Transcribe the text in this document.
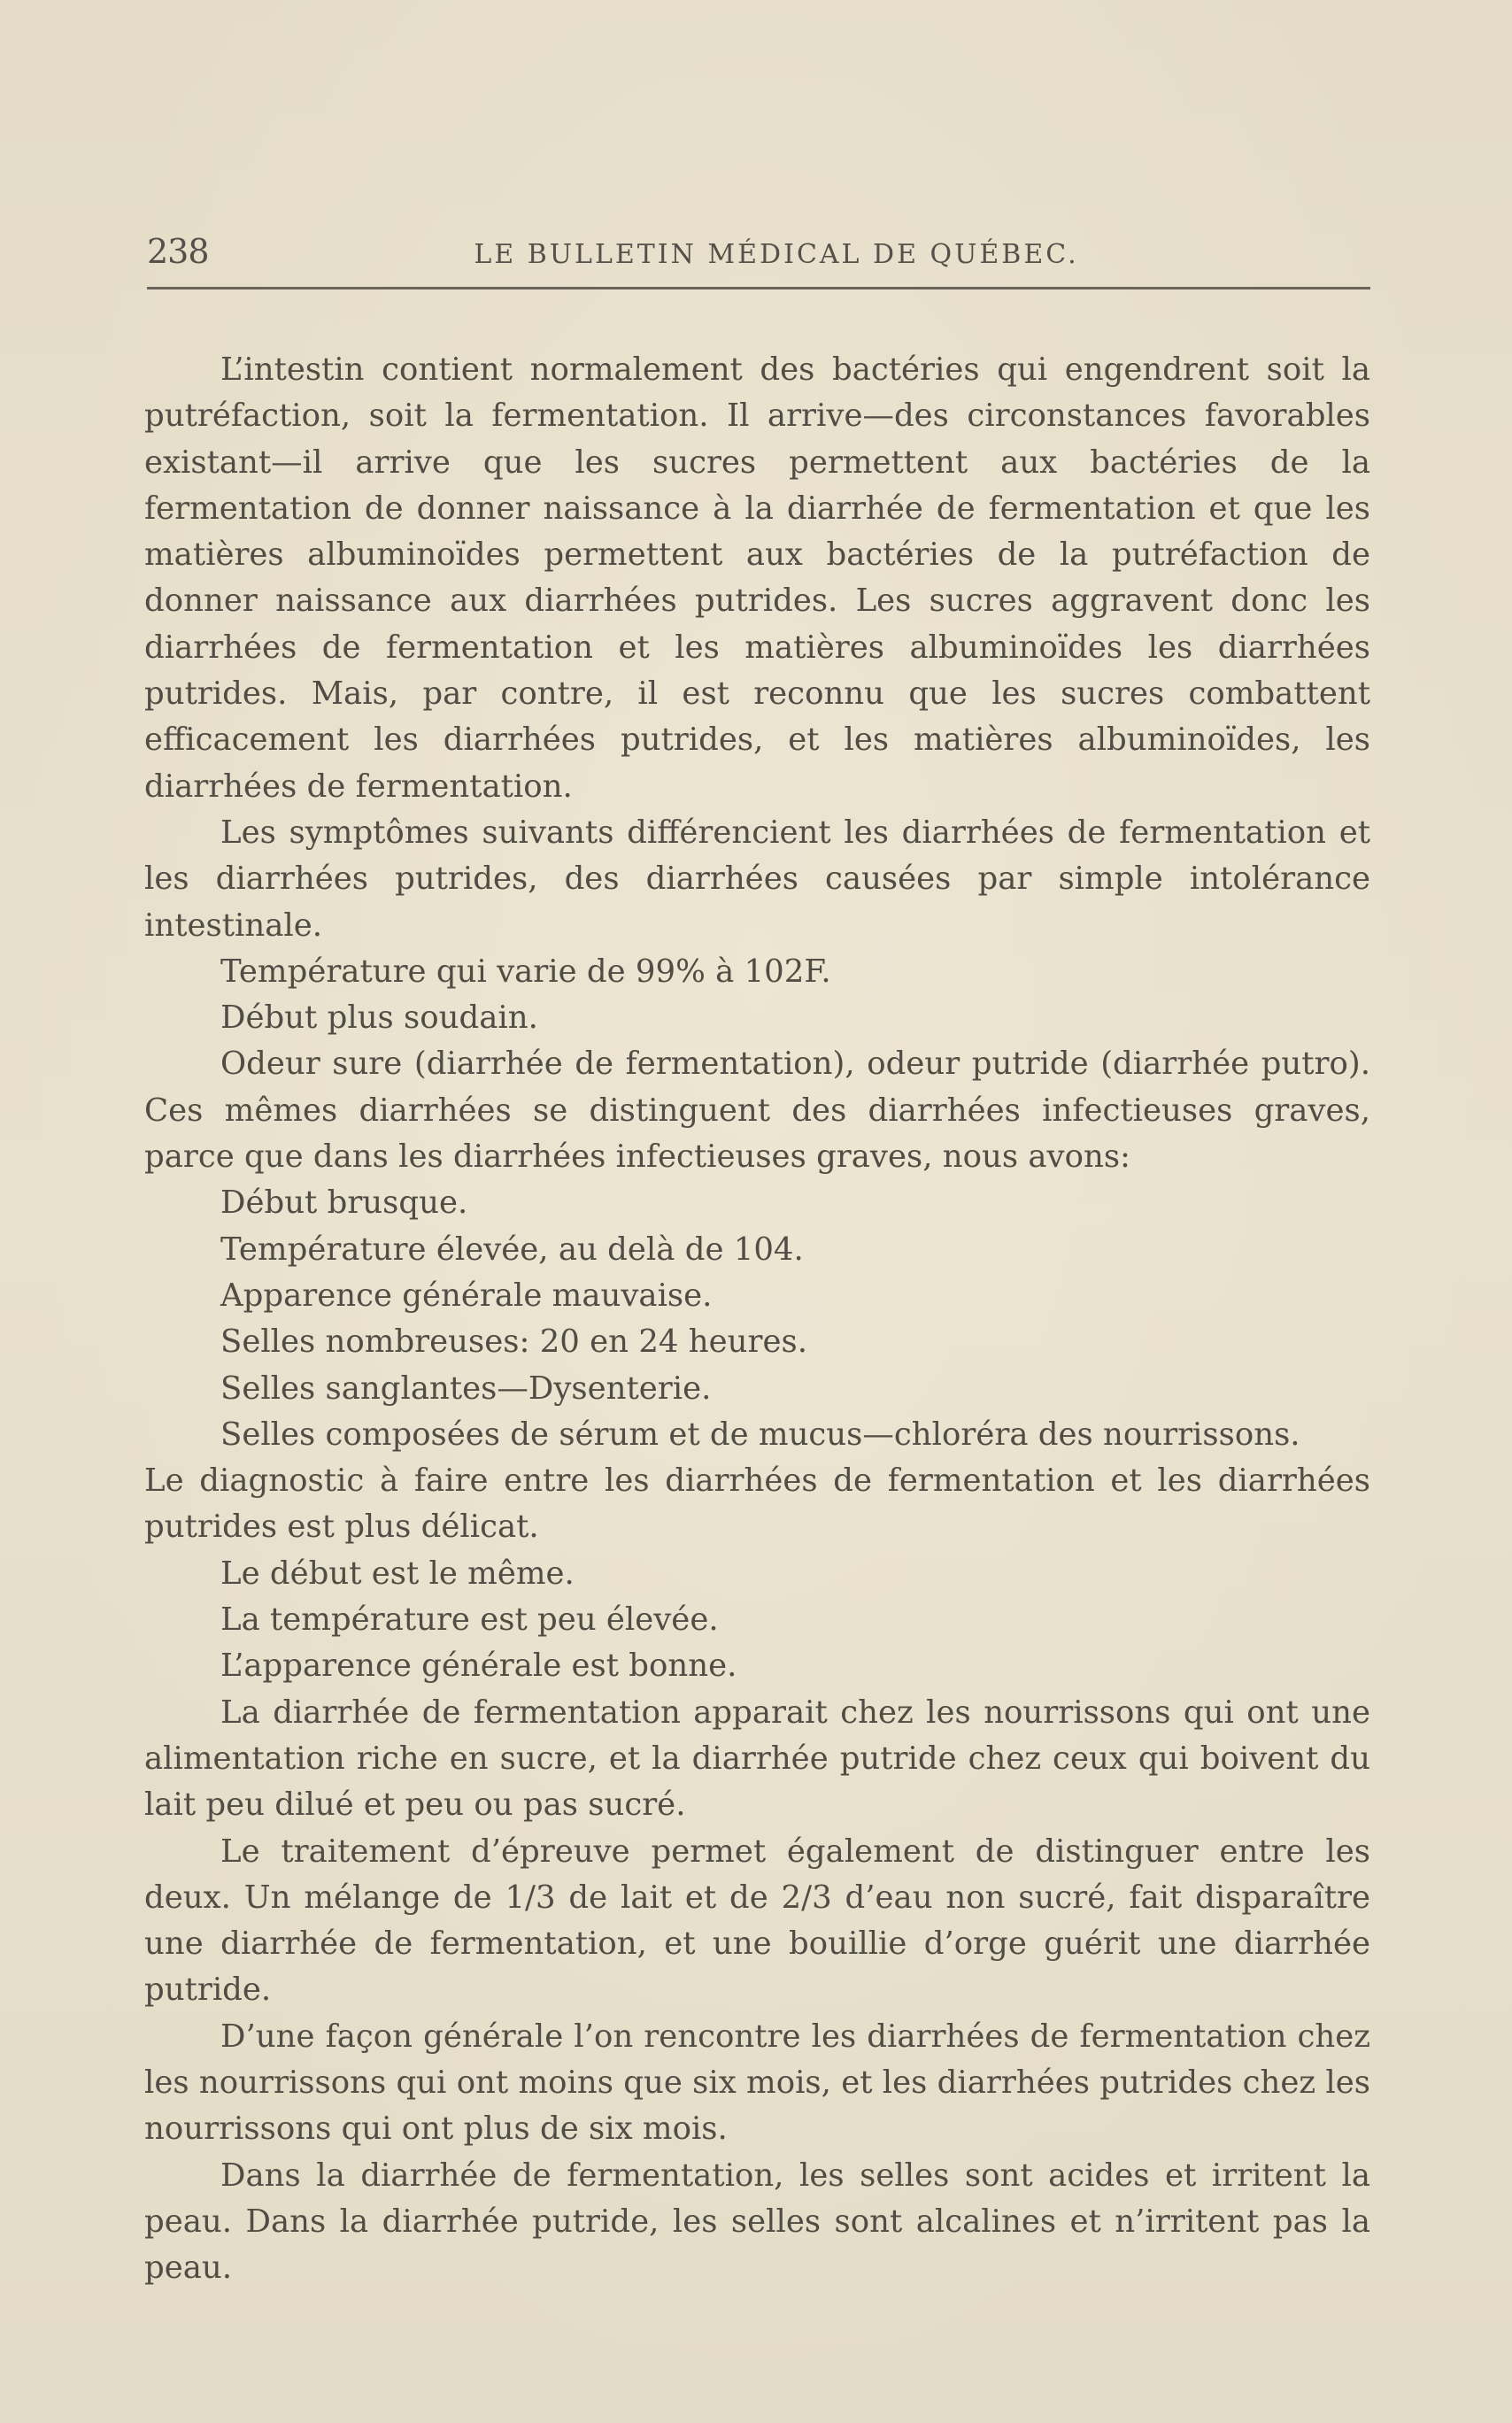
238	LE BULLETIN MÉDICAL DE QUÉBEC.

L’intestin contient normalement des bactéries qui engendrent soit la putréfaction, soit la fermentation. Il arrive—des circonstances favorables existant—il arrive que les sucres permettent aux bactéries de la fermentation de donner naissance à la diarrhée de fermentation et que les matières albuminoïdes permettent aux bactéries de la putréfaction de donner naissance aux diarrhées putrides. Les sucres aggravent donc les diarrhées de fermentation et les matières albuminoïdes les diarrhées putrides. Mais, par contre, il est reconnu que les sucres combattent efficacement les diarrhées putrides, et les matières albuminoïdes, les diarrhées de fermentation.

Les symptômes suivants différencient les diarrhées de fermentation et les diarrhées putrides, des diarrhées causées par simple intolérance intestinale.

Température qui varie de 99% à 102F.

Début plus soudain.

Odeur sure (diarrhée de fermentation), odeur putride (diarrhée putro). Ces mêmes diarrhées se distinguent des diarrhées infectieuses graves, parce que dans les diarrhées infectieuses graves, nous avons:

Début brusque.

Température élevée, au delà de 104.

Apparence générale mauvaise.

Selles nombreuses: 20 en 24 heures.

Selles sanglantes—Dysenterie.

Selles composées de sérum et de mucus—chloréra des nourrissons.

Le diagnostic à faire entre les diarrhées de fermentation et les diarrhées putrides est plus délicat.

Le début est le même.

La température est peu élevée.

L’apparence générale est bonne.

La diarrhée de fermentation apparait chez les nourrissons qui ont une alimentation riche en sucre, et la diarrhée putride chez ceux qui boivent du lait peu dilué et peu ou pas sucré.

Le traitement d’épreuve permet également de distinguer entre les deux. Un mélange de 1/3 de lait et de 2/3 d’eau non sucré, fait disparaître une diarrhée de fermentation, et une bouillie d’orge guérit une diarrhée putride.

D’une façon générale l’on rencontre les diarrhées de fermentation chez les nourrissons qui ont moins que six mois, et les diarrhées putrides chez les nourrissons qui ont plus de six mois.

Dans la diarrhée de fermentation, les selles sont acides et irritent la peau. Dans la diarrhée putride, les selles sont alcalines et n’irritent pas la peau.
